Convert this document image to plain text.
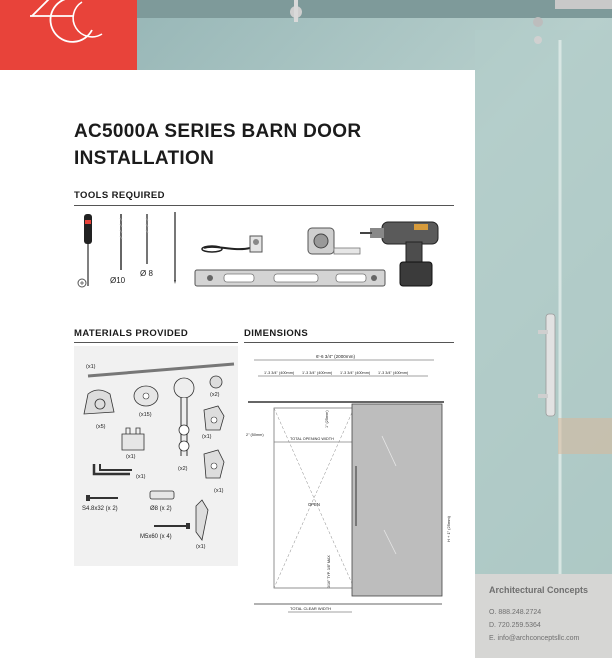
AC5000A SERIES BARN DOOR INSTALLATION
TOOLS REQUIRED
Ø10
Ø 8
MATERIALS PROVIDED	DIMENSIONS
(x1)
(x5)
(x15)
(x2)
(x2)
(x1)
(x1)
(x1)
(x1)
S4.8x32 (x 2)	Ø8 (x 2)
M5x60 (x 4)
(x1)
6'-6 3/4" (2000mm)
1'-3 3/4" (400mm) 1'-3 3/4" (400mm) 1'-3 3/4" (400mm) 1'-3 3/4" (400mm)
1" (25mm)
2" (50mm)
TOTAL OPENING WIDTH
OPEN
H + 1" (25mm)
3/16" TYP. 3/8" MAX
TOTAL CLEAR WIDTH
Architectural Concepts
O. 888.248.2724
D. 720.259.5364
E. info@archconceptsllc.com
